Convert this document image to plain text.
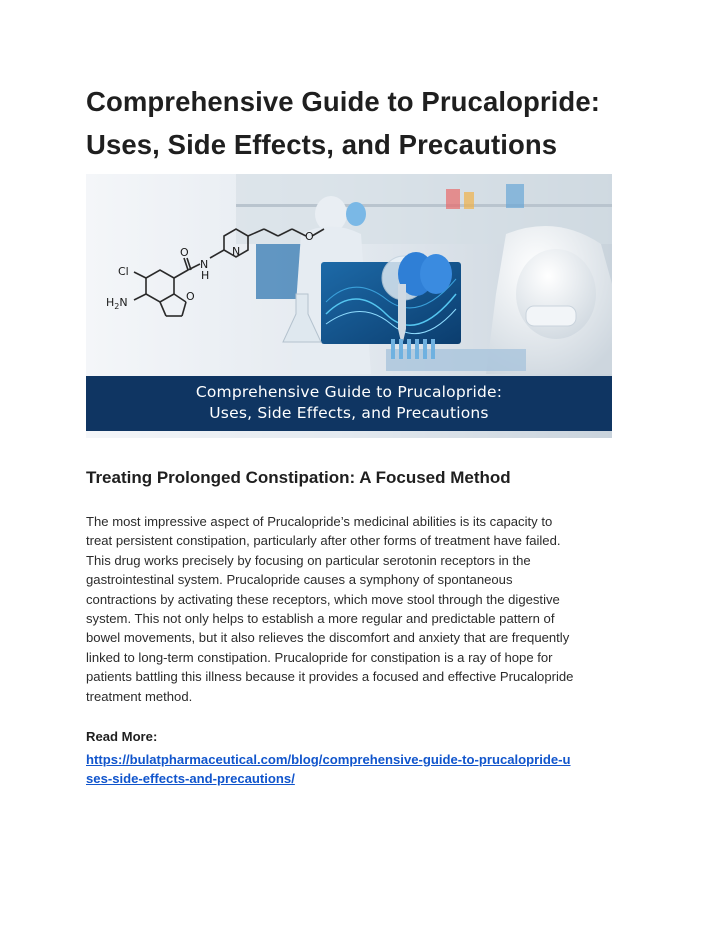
Comprehensive Guide to Prucalopride:
Uses, Side Effects, and Precautions
N
O
O
N
H
Cl
$H_2N$	O
Comprehensive Guide to Prucalopride:
Uses, Side Effects, and Precautions
Treating Prolonged Constipation: A Focused Method

The most impressive aspect of Prucalopride’s medicinal abilities is its capacity to
treat persistent constipation, particularly after other forms of treatment have failed.
This drug works precisely by focusing on particular serotonin receptors in the
gastrointestinal system. Prucalopride causes a symphony of spontaneous
contractions by activating these receptors, which move stool through the digestive
system. This not only helps to establish a more regular and predictable pattern of
bowel movements, but it also relieves the discomfort and anxiety that are frequently
linked to long-term constipation. Prucalopride for constipation is a ray of hope for
patients battling this illness because it provides a focused and effective Prucalopride
treatment method.

Read More:
https://bulatpharmaceutical.com/blog/comprehensive-guide-to-prucalopride-u
ses-side-effects-and-precautions/
